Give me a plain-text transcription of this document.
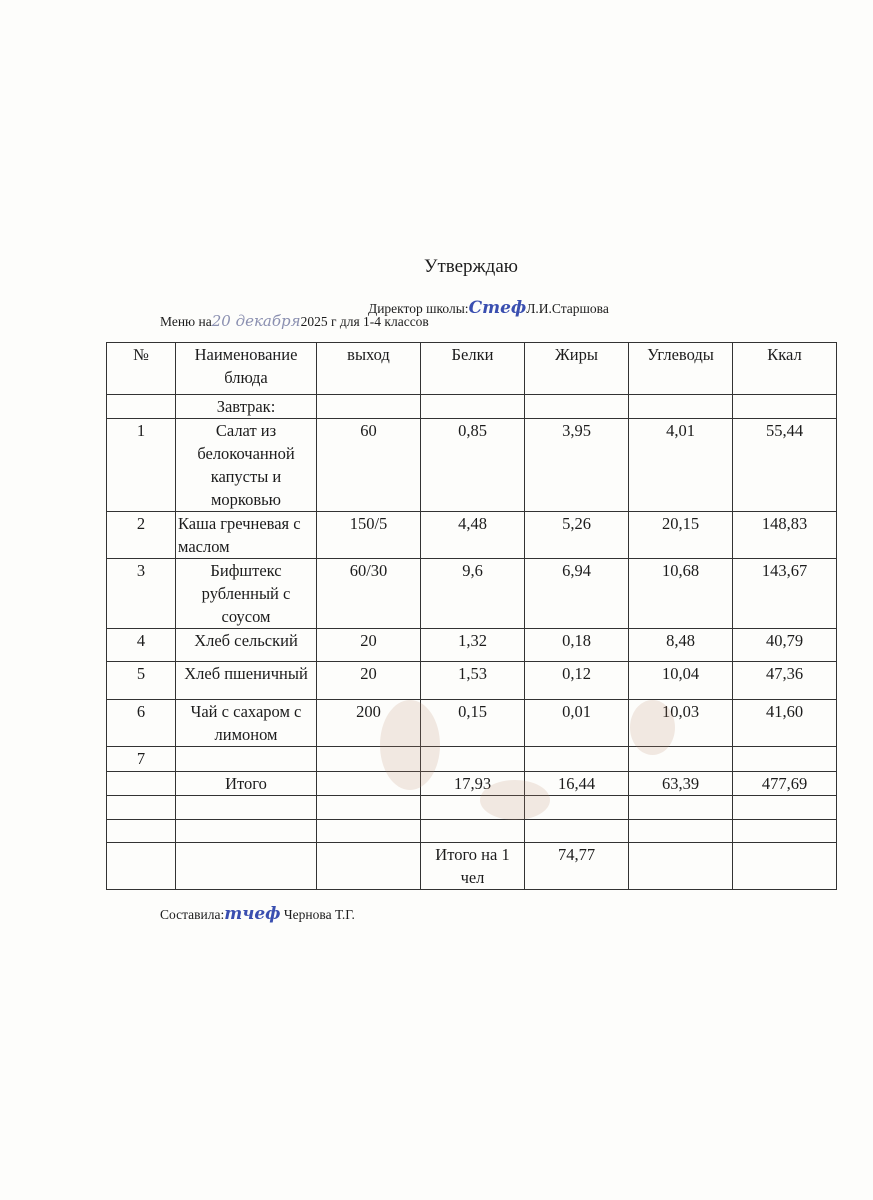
Утверждаю
Директор школы:СтефЛ.И.Старшова
Меню на20 декабря2025 г для 1-4 классов
№	Наименование блюда	выход	Белки	Жиры	Углеводы	Ккал
	Завтрак:					
1	Салат из белокочанной капусты и морковью	60	0,85	3,95	4,01	55,44
2	Каша гречневая с маслом	150/5	4,48	5,26	20,15	148,83
3	Бифштекс рубленный с соусом	60/30	9,6	6,94	10,68	143,67
4	Хлеб сельский	20	1,32	0,18	8,48	40,79
5	Хлеб пшеничный	20	1,53	0,12	10,04	47,36
6	Чай с сахаром с лимоном	200	0,15	0,01	10,03	41,60
7						
	Итого		17,93	16,44	63,39	477,69

			Итого на 1 чел	74,77		
Составила:тчеф Чернова Т.Г.
